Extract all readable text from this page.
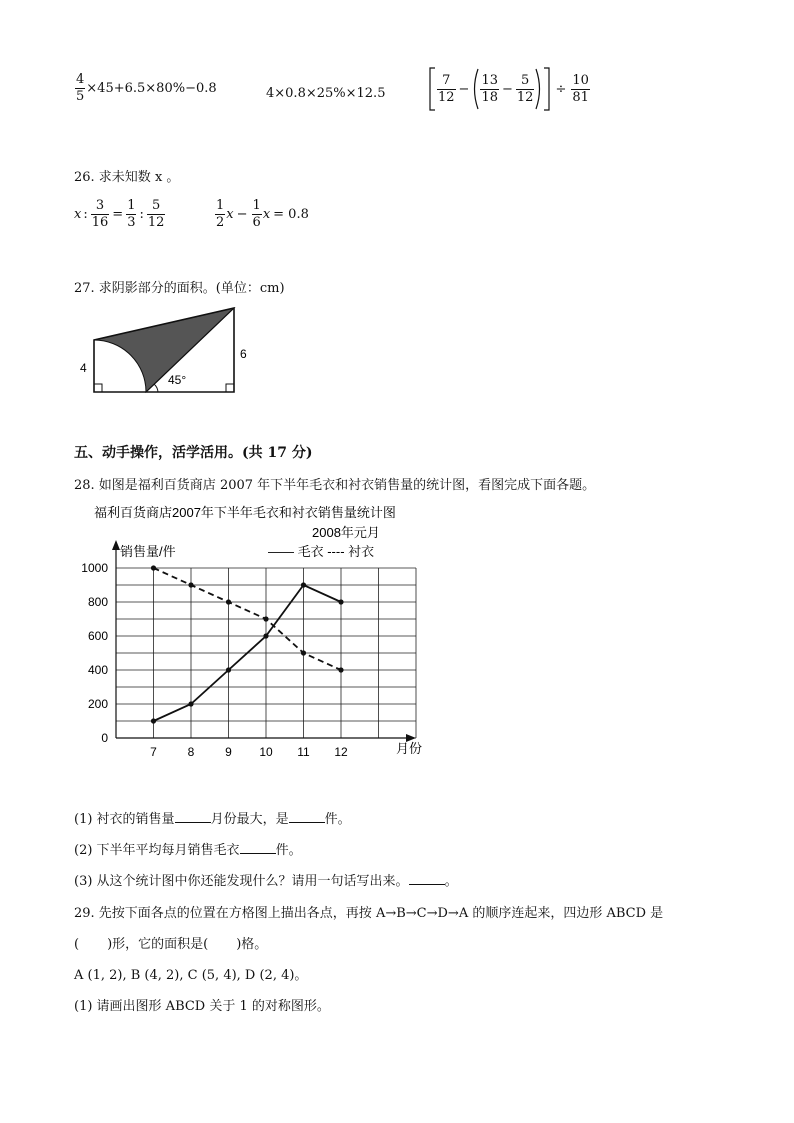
$\frac{4}{5} \times 45+6.5\times 80\%-0.8$	4×0.8×25%×12.5	$\frac{7}{12} - \frac{13}{18} - \frac{5}{12} \div \frac{10}{81}$
26. 求未知数 x 。
x : $\frac{3}{16} = \frac{1}{3}$ : $\frac{5}{12}$	$\frac{1}{2}$ $x - \frac{1}{6}$ x = 0.8
27. 求阴影部分的面积。(单位：cm)
4
6
45°
五、动手操作，活学活用。(共 17 分)
28. 如图是福利百货商店 2007 年下半年毛衣和衬衣销售量的统计图，看图完成下面各题。
福利百货商店2007年下半年毛衣和衬衣销售量统计图
2008年元月
销售量/件	—— 毛衣 ---- 衬衣
月份
0
200
400
600
800
1000
7	8	9 10 11 12
(1) 衬衣的销售量	月份最大，是	件。
(2) 下半年平均每月销售毛衣	件。
(3) 从这个统计图中你还能发现什么？请用一句话写出来。	。
29. 先按下面各点的位置在方格图上描出各点，再按 A→B→C→D→A 的顺序连起来，四边形 ABCD 是
( )形，它的面积是( )格。
A (1, 2), B (4, 2), C (5, 4), D (2, 4)。
(1) 请画出图形 ABCD 关于 1 的对称图形。
